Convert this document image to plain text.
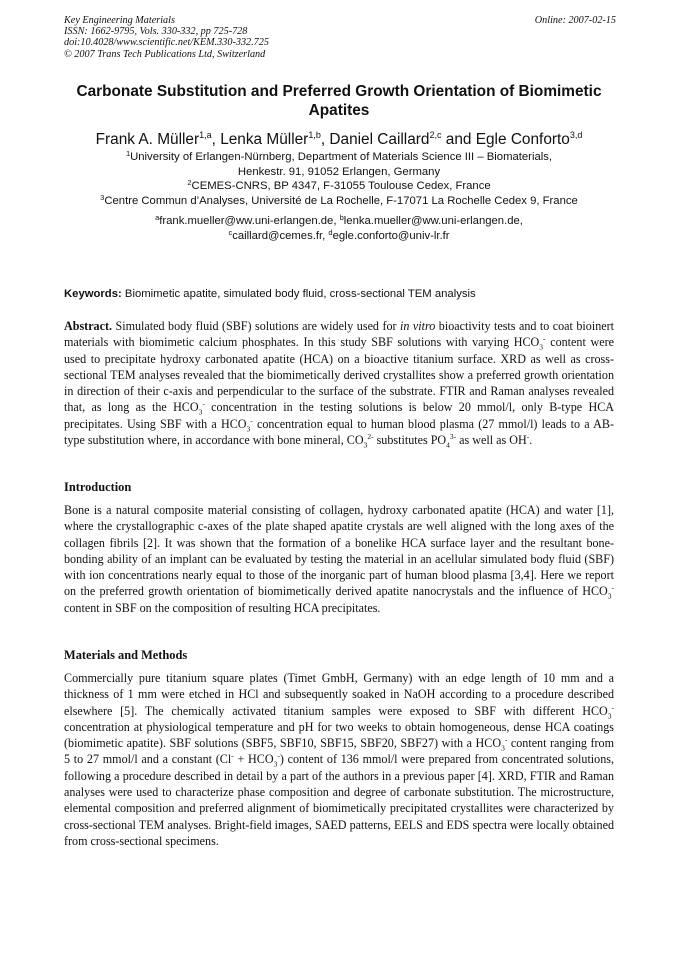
Key Engineering Materials
ISSN: 1662-9795, Vols. 330-332, pp 725-728
doi:10.4028/www.scientific.net/KEM.330-332.725
© 2007 Trans Tech Publications Ltd, Switzerland
Online: 2007-02-15
Carbonate Substitution and Preferred Growth Orientation of Biomimetic Apatites
Frank A. Müller$^{1,a}$, Lenka Müller$^{1,b}$, Daniel Caillard$^{2,c}$ and Egle Conforto$^{3,d}$
$^1$University of Erlangen-Nürnberg, Department of Materials Science III – Biomaterials,
Henkestr. 91, 91052 Erlangen, Germany
$^2$CEMES-CNRS, BP 4347, F-31055 Toulouse Cedex, France
$^3$Centre Commun d’Analyses, Université de La Rochelle, F-17071 La Rochelle Cedex 9, France
$^a$frank.mueller@ww.uni-erlangen.de, $^b$lenka.mueller@ww.uni-erlangen.de,
$^c$caillard@cemes.fr, $^d$egle.conforto@univ-lr.fr
Keywords: Biomimetic apatite, simulated body fluid, cross-sectional TEM analysis

Abstract. Simulated body fluid (SBF) solutions are widely used for in vitro bioactivity tests and to coat bioinert materials with biomimetic calcium phosphates. In this study SBF solutions with varying $HCO_3^-$ content were used to precipitate hydroxy carbonated apatite (HCA) on a bioactive titanium surface. XRD as well as cross-sectional TEM analyses revealed that the biomimetically derived crystallites show a preferred growth orientation in direction of their c-axis and perpendicular to the surface of the substrate. FTIR and Raman analyses revealed that, as long as the $HCO_3^-$ concentration in the testing solutions is below 20 mmol/l, only B-type HCA precipitates. Using SBF with a $HCO_3^-$ concentration equal to human blood plasma (27 mmol/l) leads to a AB-type substitution where, in accordance with bone mineral, $CO_3^{2-}$ substitutes $PO_4^{3-}$ as well as OH-.

Introduction

Bone is a natural composite material consisting of collagen, hydroxy carbonated apatite (HCA) and water [1], where the crystallographic c-axes of the plate shaped apatite crystals are well aligned with the long axes of the collagen fibrils [2]. It was shown that the formation of a bonelike HCA surface layer and the resultant bone-bonding ability of an implant can be evaluated by testing the material in an acellular simulated body fluid (SBF) with ion concentrations nearly equal to those of the inorganic part of human blood plasma [3,4]. Here we report on the preferred growth orientation of biomimetically derived apatite nanocrystals and the influence of $HCO_3^-$ content in SBF on the composition of resulting HCA precipitates.

Materials and Methods

Commercially pure titanium square plates (Timet GmbH, Germany) with an edge length of 10 mm and a thickness of 1 mm were etched in HCl and subsequently soaked in NaOH according to a procedure described elsewhere [5]. The chemically activated titanium samples were exposed to SBF with different $HCO_3^-$ concentration at physiological temperature and pH for two weeks to obtain homogeneous, dense HCA coatings (biomimetic apatite). SBF solutions (SBF5, SBF10, SBF15, SBF20, SBF27) with a $HCO_3^-$ content ranging from 5 to 27 mmol/l and a constant $(Cl^- + HCO_3^-)$ content of 136 mmol/l were prepared from concentrated solutions, following a procedure described in detail by a part of the authors in a previous paper [4]. XRD, FTIR and Raman analyses were used to characterize phase composition and degree of carbonate substitution. The microstructure, elemental composition and preferred alignment of biomimetically precipitated crystallites were characterized by cross-sectional TEM analyses. Bright-field images, SAED patterns, EELS and EDS spectra were locally obtained from cross-sectional specimens.
